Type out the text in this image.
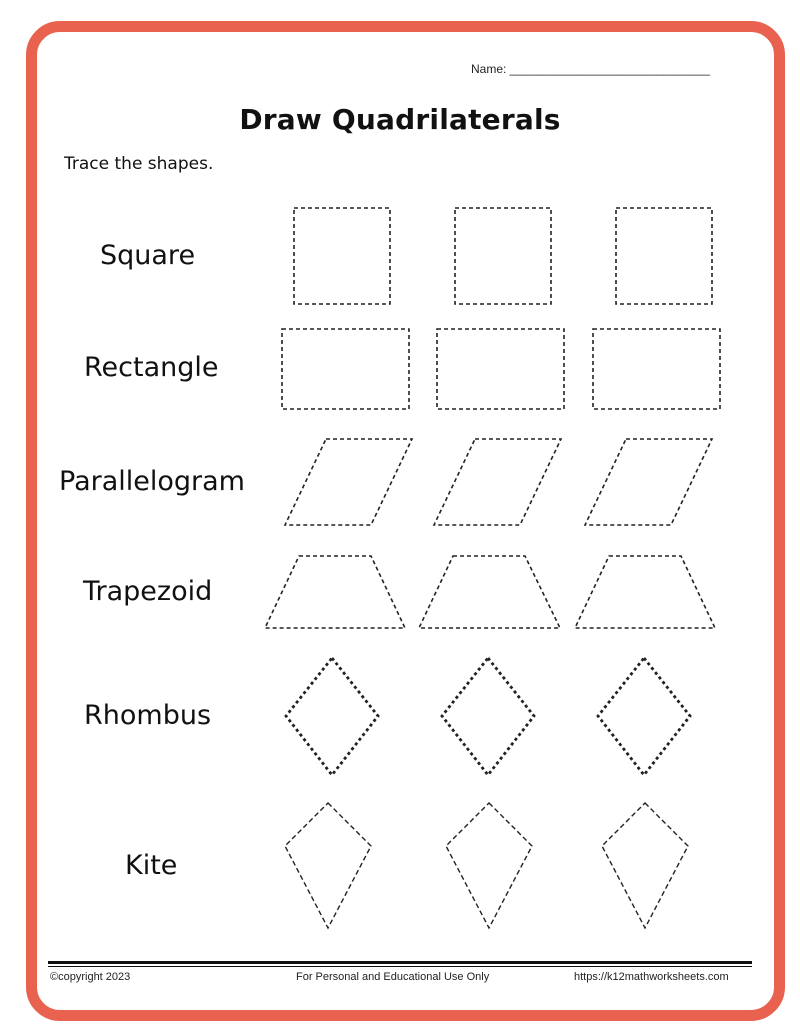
Name: ______________________________
Draw Quadrilaterals
Trace the shapes.
Square
Rectangle
Parallelogram
Trapezoid
Rhombus
Kite
©copyright 2023	For Personal and Educational Use Only	https://k12mathworksheets.com
